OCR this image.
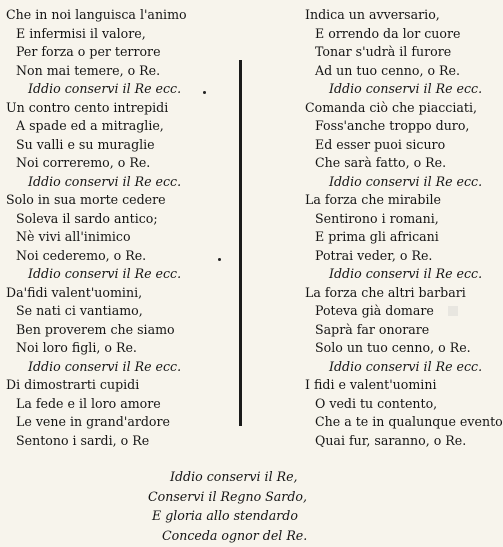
Che in noi languisca l'animo
E infermisi il valore,
Per forza o per terrore
Non mai temere, o Re.
Iddio conservi il Re ecc.
Un contro cento intrepidi
A spade ed a mitraglie,
Su valli e su muraglie
Noi correremo, o Re.
Iddio conservi il Re ecc.
Solo in sua morte cedere
Soleva il sardo antico;
Nè vivi all'inimico
Noi cederemo, o Re.
Iddio conservi il Re ecc.
Da'fidi valent'uomini,
Se nati ci vantiamo,
Ben proverem che siamo
Noi loro figli, o Re.
Iddio conservi il Re ecc.
Di dimostrarti cupidi
La fede e il loro amore
Le vene in grand'ardore
Sentono i sardi, o Re
Indica un avversario,
E orrendo da lor cuore
Tonar s'udrà il furore
Ad un tuo cenno, o Re.
Iddio conservi il Re ecc.
Comanda ciò che piacciati,
Foss'anche troppo duro,
Ed esser puoi sicuro
Che sarà fatto, o Re.
Iddio conservi il Re ecc.
La forza che mirabile
Sentirono i romani,
E prima gli africani
Potrai veder, o Re.
Iddio conservi il Re ecc.
La forza che altri barbari
Poteva già domare
Saprà far onorare
Solo un tuo cenno, o Re.
Iddio conservi il Re ecc.
I fidi e valent'uomini
O vedi tu contento,
Che a te in qualunque evento
Quai fur, saranno, o Re.
Iddio conservi il Re,
Conservi il Regno Sardo,
E gloria allo stendardo
Conceda ognor del Re.
